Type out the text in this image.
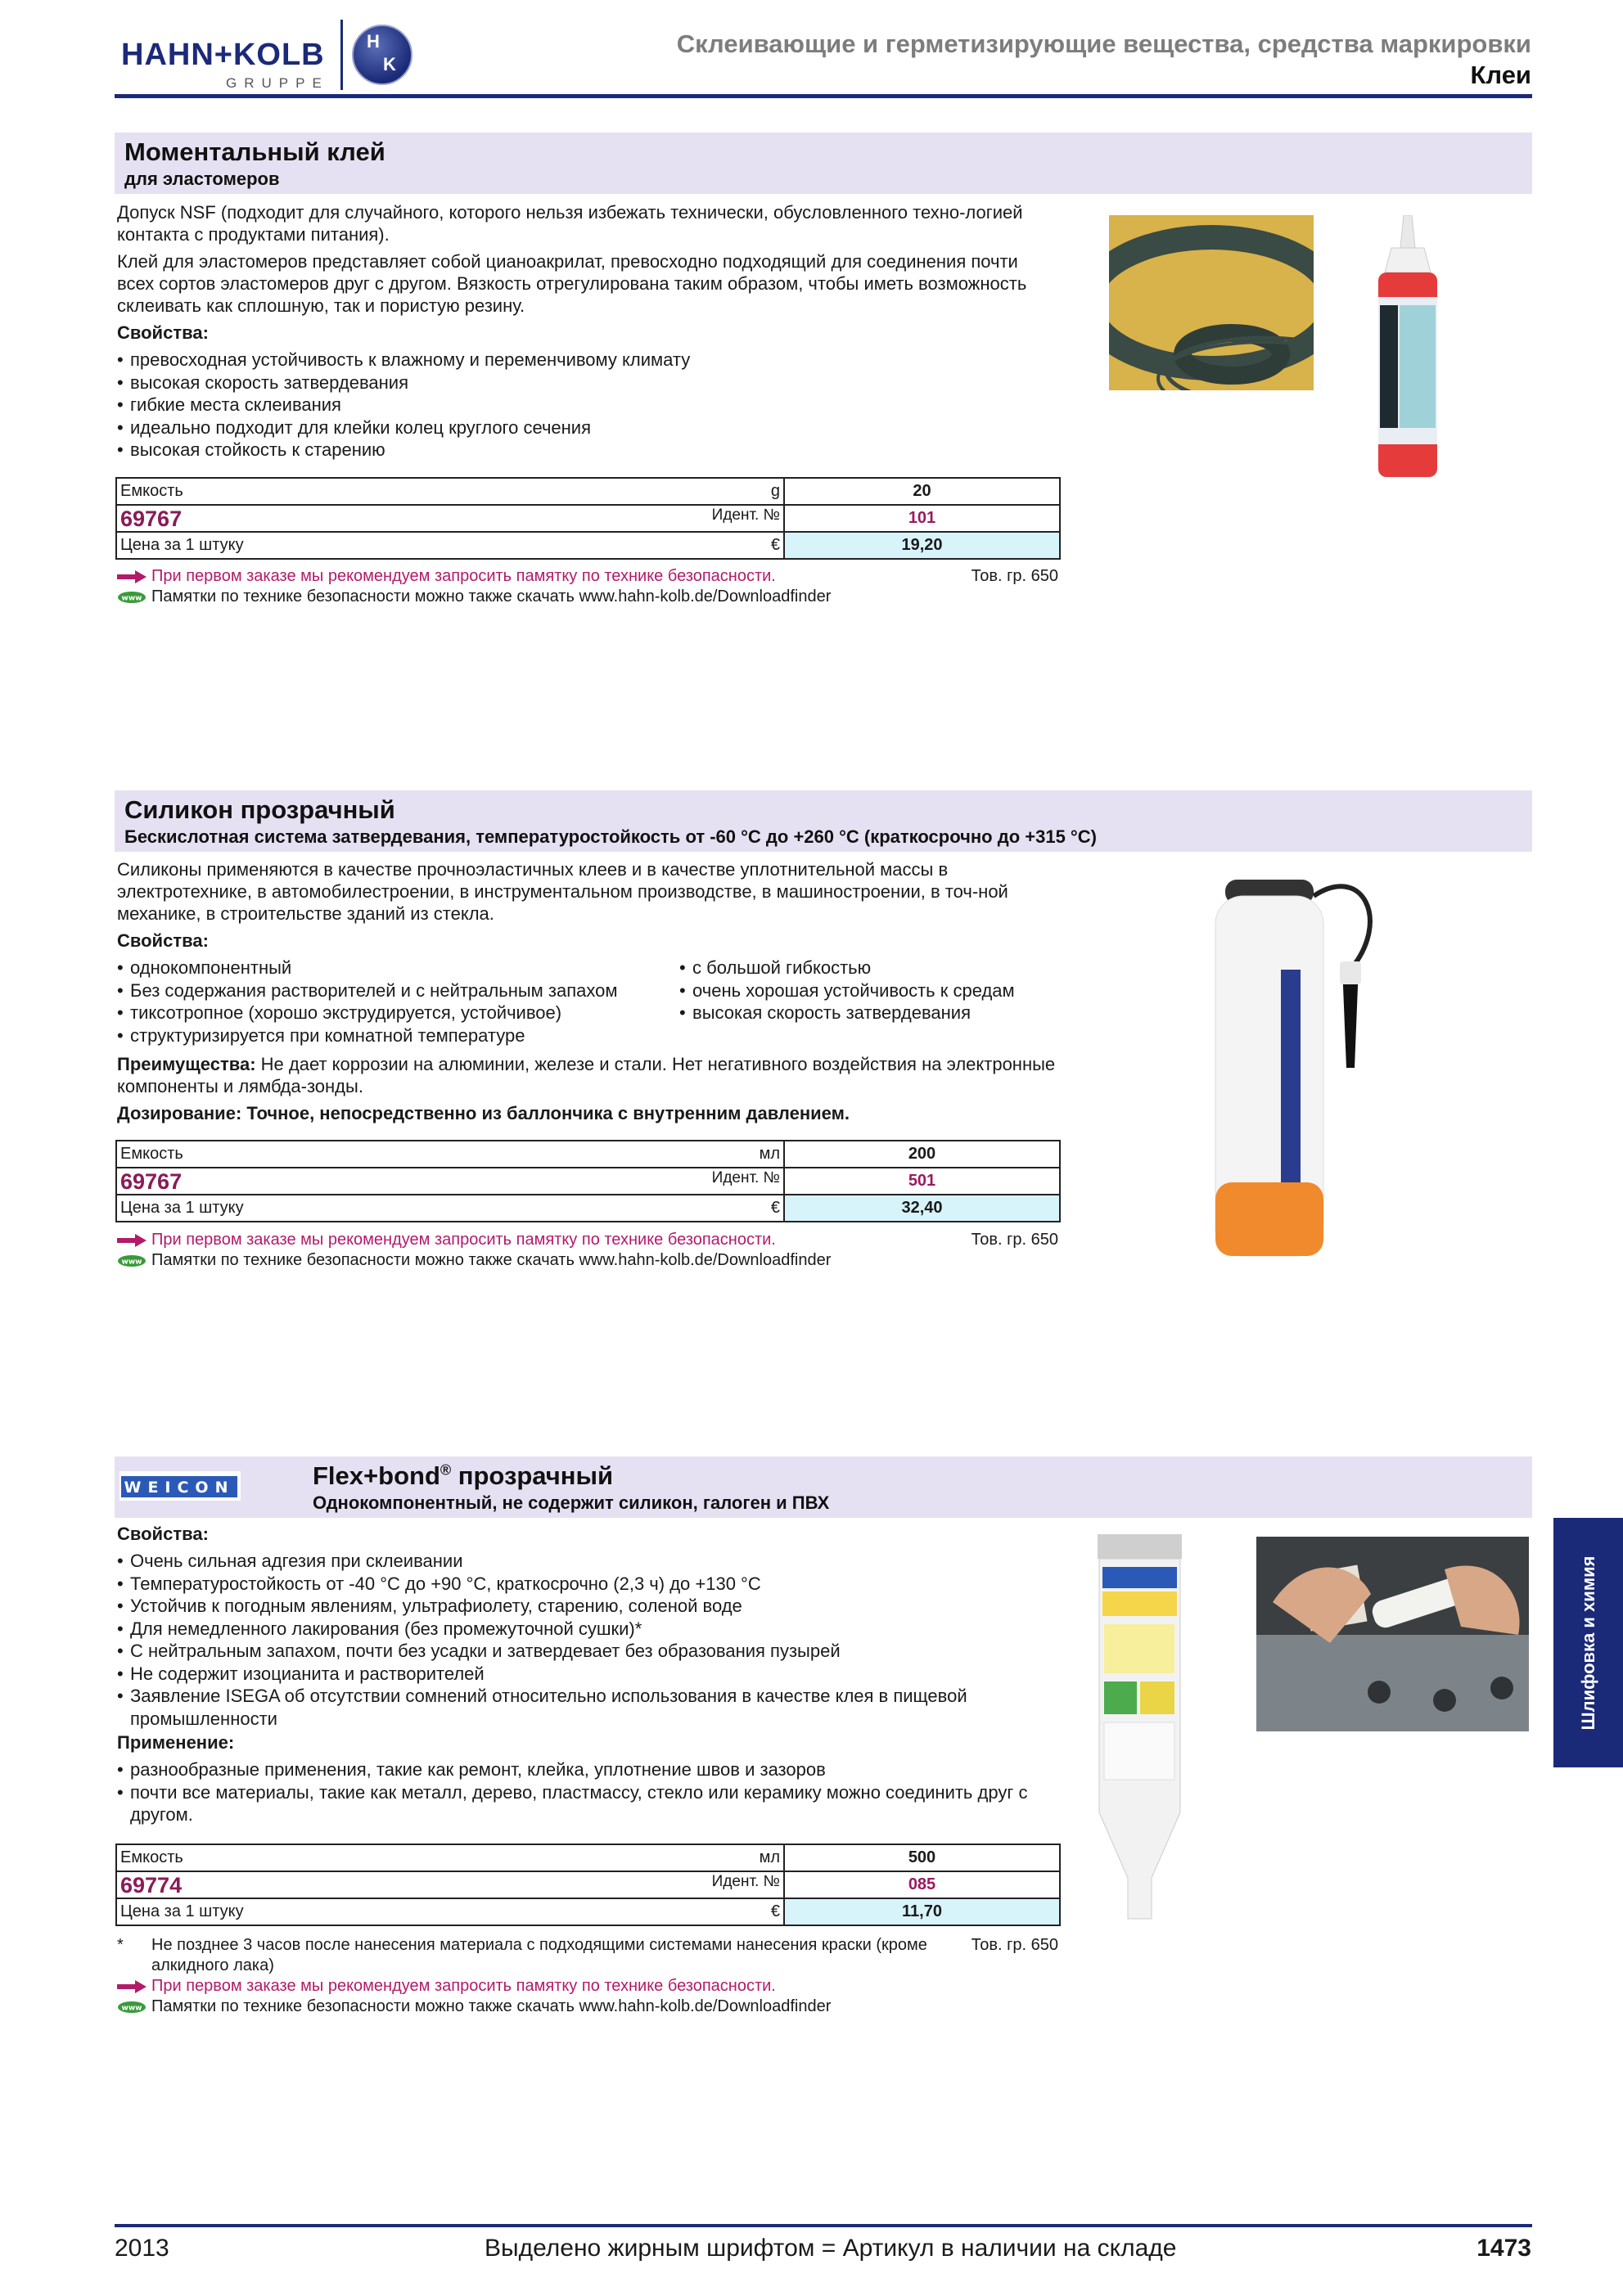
HAHN+KOLB
GRUPPE
H
K
Склеивающие и герметизирующие вещества, средства маркировки
Клеи
Моментальный клей
для эластомеров

Допуск NSF (подходит для случайного, которого нельзя избежать технически, обусловленного техно-логией контакта с продуктами питания).

Клей для эластомеров представляет собой цианоакрилат, превосходно подходящий для соединения почти всех сортов эластомеров друг с другом. Вязкость отрегулирована таким образом, чтобы иметь возможность склеивать как сплошную, так и пористую резину.

Свойства:
• превосходная устойчивость к влажному и переменчивому климату
• высокая скорость затвердевания
• гибкие места склеивания
• идеально подходит для клейки колец круглого сечения
• высокая стойкость к старению
Емкость g	20

69767 Идент. №	101

Цена за 1 штуку €	19,20
При первом заказе мы рекомендуем запросить памятку по технике безопасности.	Тов. гр. 650
www Памятки по технике безопасности можно также скачать www.hahn-kolb.de/Downloadfinder
Силикон прозрачный
Бескислотная система затвердевания, температуростойкость от -60 °C до +260 °C (краткосрочно до +315 °C)

Силиконы применяются в качестве прочноэластичных клеев и в качестве уплотнительной массы в электротехнике, в автомобилестроении, в инструментальном производстве, в машиностроении, в точ-ной механике, в строительстве зданий из стекла.

Свойства:
• однокомпонентный
• Без содержания растворителей и с нейтральным запахом
• тиксотропное (хорошо экструдируется, устойчивое)
• структуризируется при комнатной температуре
• с большой гибкостью
• очень хорошая устойчивость к средам
• высокая скорость затвердевания

Преимущества: Не дает коррозии на алюминии, железе и стали. Нет негативного воздействия на электронные компоненты и лямбда-зонды.

Дозирование: Точное, непосредственно из баллончика с внутренним давлением.

Емкость мл	200

69767 Идент. №	501

Цена за 1 штуку €	32,40
При первом заказе мы рекомендуем запросить памятку по технике безопасности.	Тов. гр. 650
www Памятки по технике безопасности можно также скачать www.hahn-kolb.de/Downloadfinder
WEICON	Flex+bond® прозрачный
Однокомпонентный, не содержит силикон, галоген и ПВХ
Свойства:
• Очень сильная адгезия при склеивании
• Температуростойкость от -40 °C до +90 °C, краткосрочно (2,3 ч) до +130 °C
• Устойчив к погодным явлениям, ультрафиолету, старению, соленой воде
• Для немедленного лакирования (без промежуточной сушки)*
• С нейтральным запахом, почти без усадки и затвердевает без образования пузырей
• Не содержит изоцианита и растворителей
• Заявление ISEGA об отсутствии сомнений относительно использования в качестве клея в пищевой промышленности
Применение:
• разнообразные применения, такие как ремонт, клейка, уплотнение швов и зазоров
• почти все материалы, такие как металл, дерево, пластмассу, стекло или керамику можно соединить друг с другом.
Емкость мл	500

69774 Идент. №	085

Цена за 1 штуку €	11,70
* Не позднее 3 часов после нанесения материала с подходящими системами нанесения краски (кроме алкидного лака)
Тов. гр. 650
При первом заказе мы рекомендуем запросить памятку по технике безопасности.
www Памятки по технике безопасности можно также скачать www.hahn-kolb.de/Downloadfinder
Шлифовка и химия
2013	Выделено жирным шрифтом = Артикул в наличии на складе	1473
